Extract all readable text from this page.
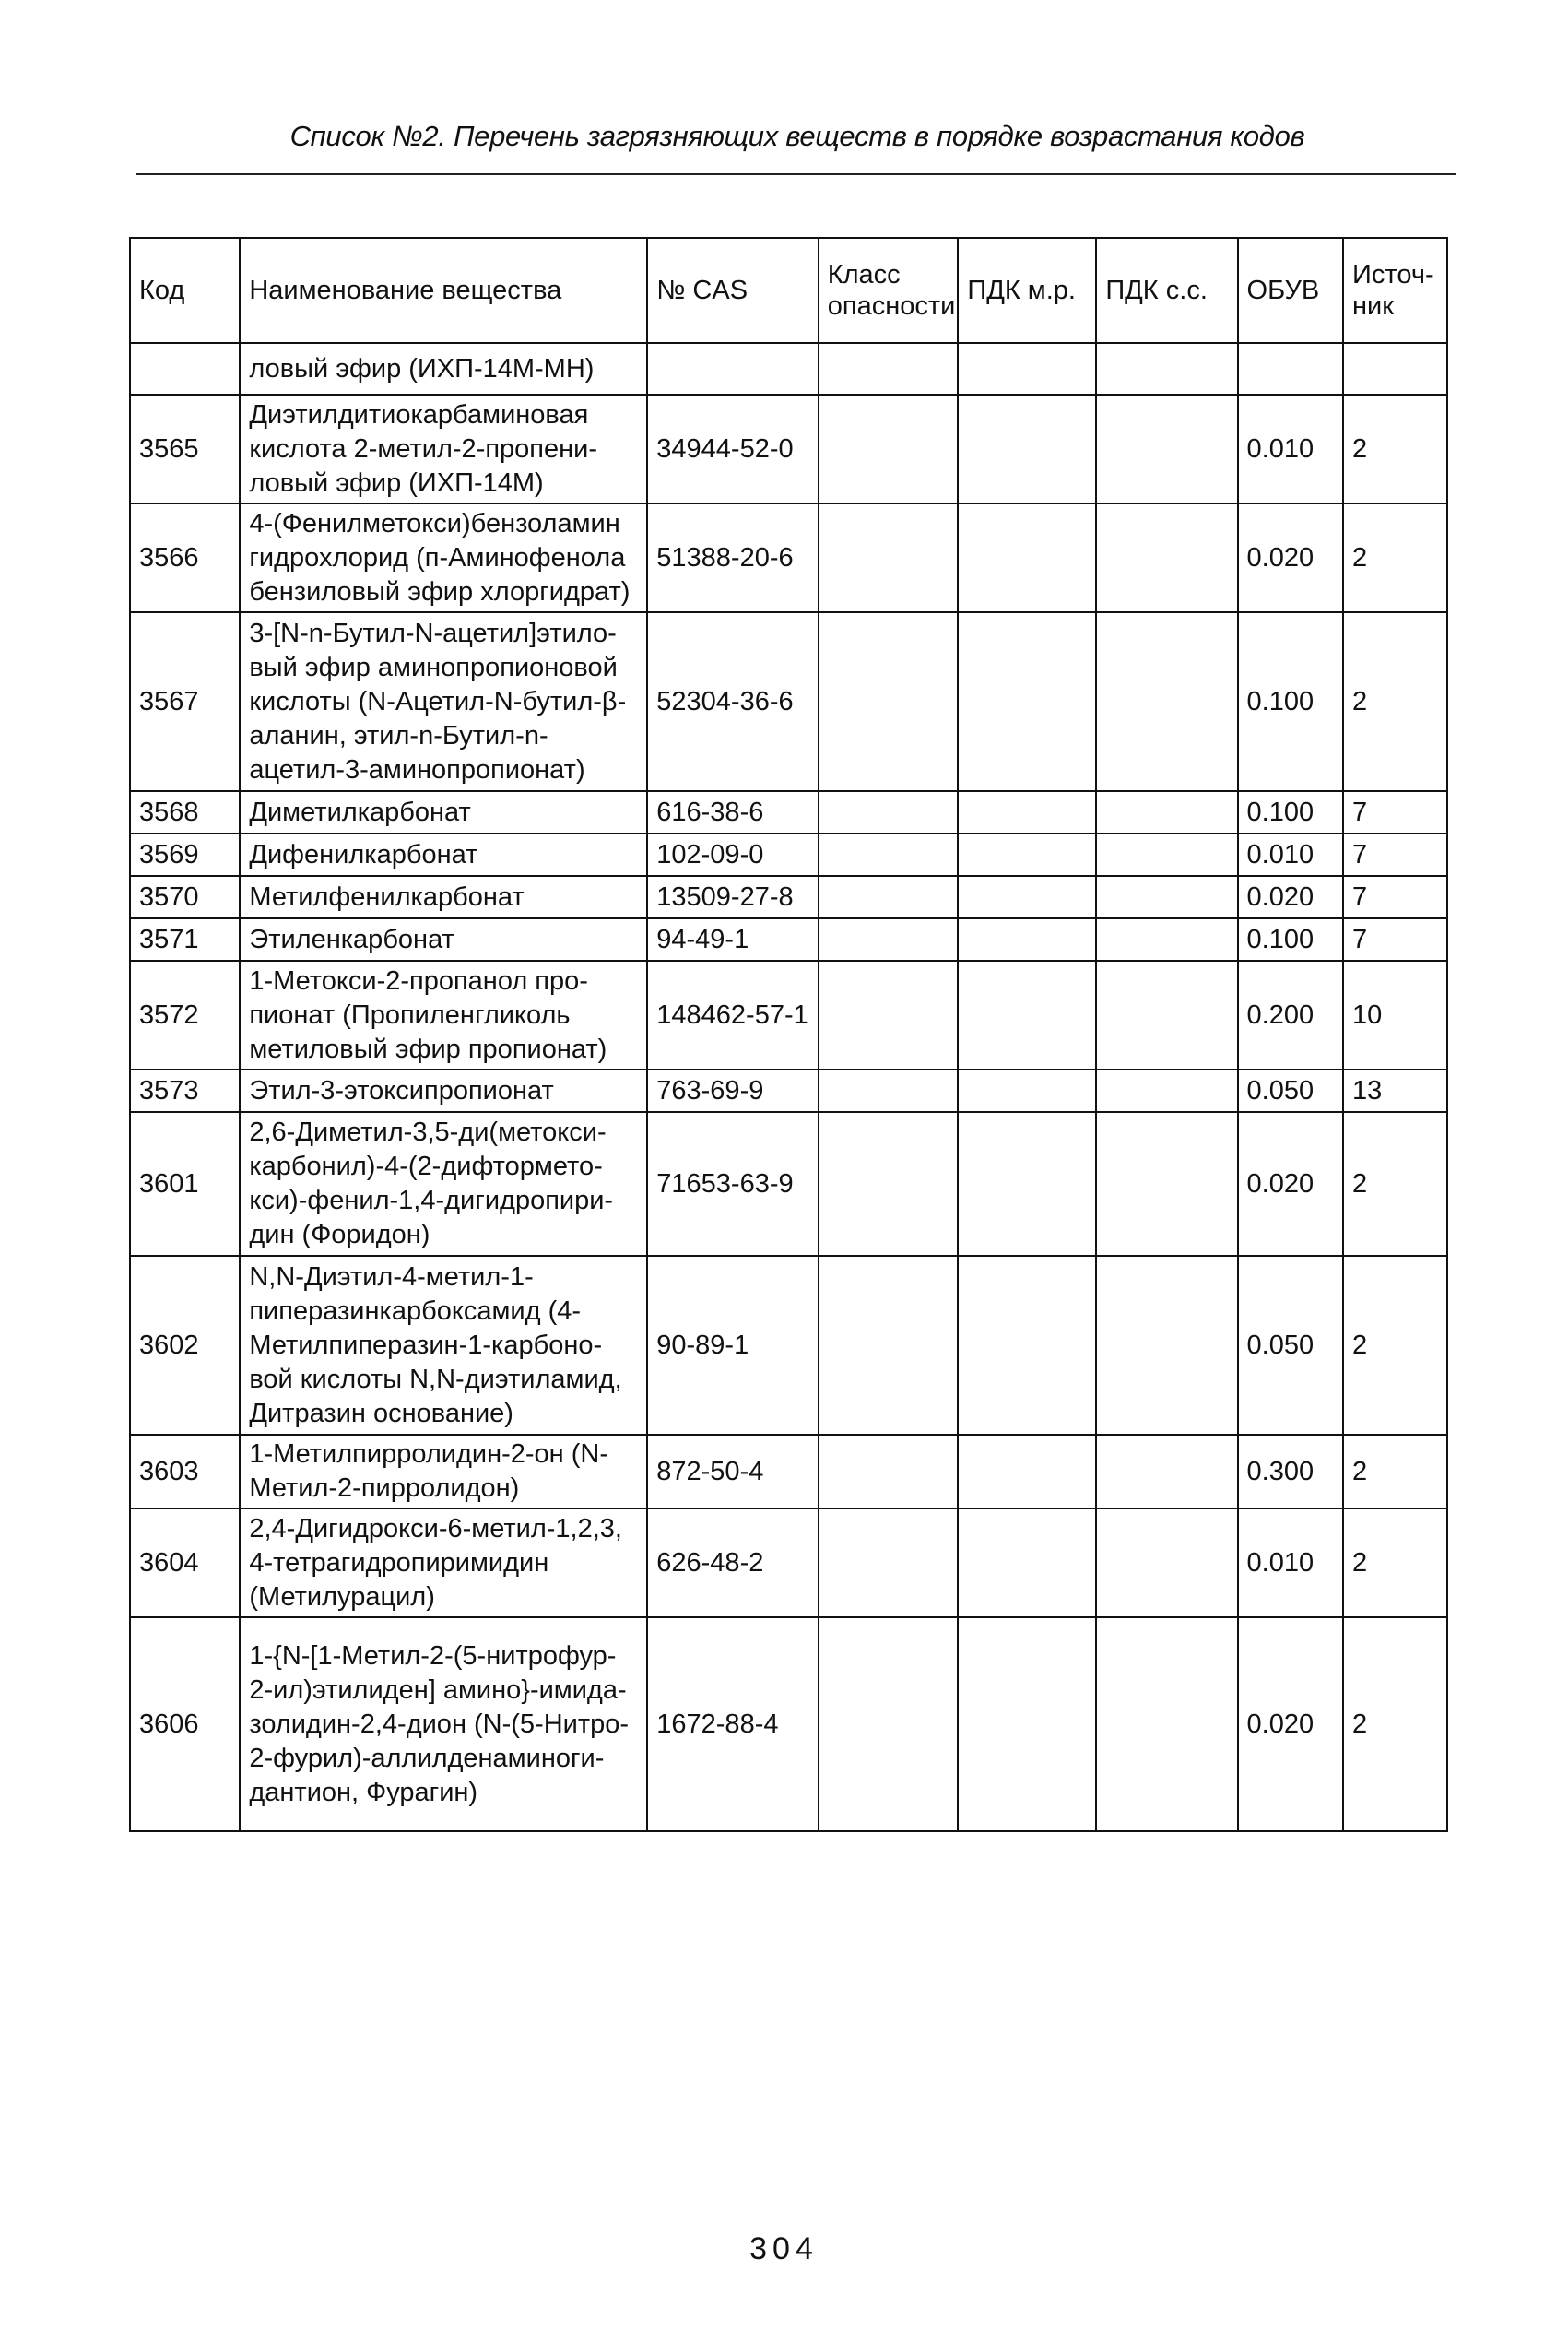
Список №2. Перечень загрязняющих веществ в порядке возрастания кодов
Код	Наименование вещества	№ CAS	Класс опасности	ПДК м.р.	ПДК с.с.	ОБУВ	Источ- ник
	ловый эфир (ИХП-14М-МН)						
3565	Диэтилдитиокарбаминовая кислота 2-метил-2-пропени- ловый эфир (ИХП-14М)	34944-52-0				0.010	2
3566	4-(Фенилметокси)бензоламин гидрохлорид (п-Аминофенола бензиловый эфир хлоргидрат)	51388-20-6				0.020	2
3567	3-[N-n-Бутил-N-ацетил]этило- вый эфир аминопропионовой кислоты (N-Ацетил-N-бутил-β- аланин, этил-n-Бутил-n- ацетил-3-аминопропионат)	52304-36-6				0.100	2
3568	Диметилкарбонат	616-38-6				0.100	7
3569	Дифенилкарбонат	102-09-0				0.010	7
3570	Метилфенилкарбонат	13509-27-8				0.020	7
3571	Этиленкарбонат	94-49-1				0.100	7
3572	1-Метокси-2-пропанол про- пионат (Пропиленгликоль метиловый эфир пропионат)	148462-57-1				0.200	10
3573	Этил-3-этоксипропионат	763-69-9				0.050	13
3601	2,6-Диметил-3,5-ди(метокси- карбонил)-4-(2-дифтормето- кси)-фенил-1,4-дигидропири- дин (Форидон)	71653-63-9				0.020	2
3602	N,N-Диэтил-4-метил-1- пиперазинкарбоксамид (4-Метилпиперазин-1-карбоно- вой кислоты N,N-диэтиламид, Дитразин основание)	90-89-1				0.050	2
3603	1-Метилпирролидин-2-он (N-Метил-2-пирролидон)	872-50-4				0.300	2
3604	2,4-Дигидрокси-6-метил-1,2,3, 4-тетрагидропиримидин (Метилурацил)	626-48-2				0.010	2
3606	1-{N-[1-Метил-2-(5-нитрофур- 2-ил)этилиден] амино}-имида- золидин-2,4-дион (N-(5-Нитро- 2-фурил)-аллилденаминоги- дантион, Фурагин)	1672-88-4				0.020	2
304
